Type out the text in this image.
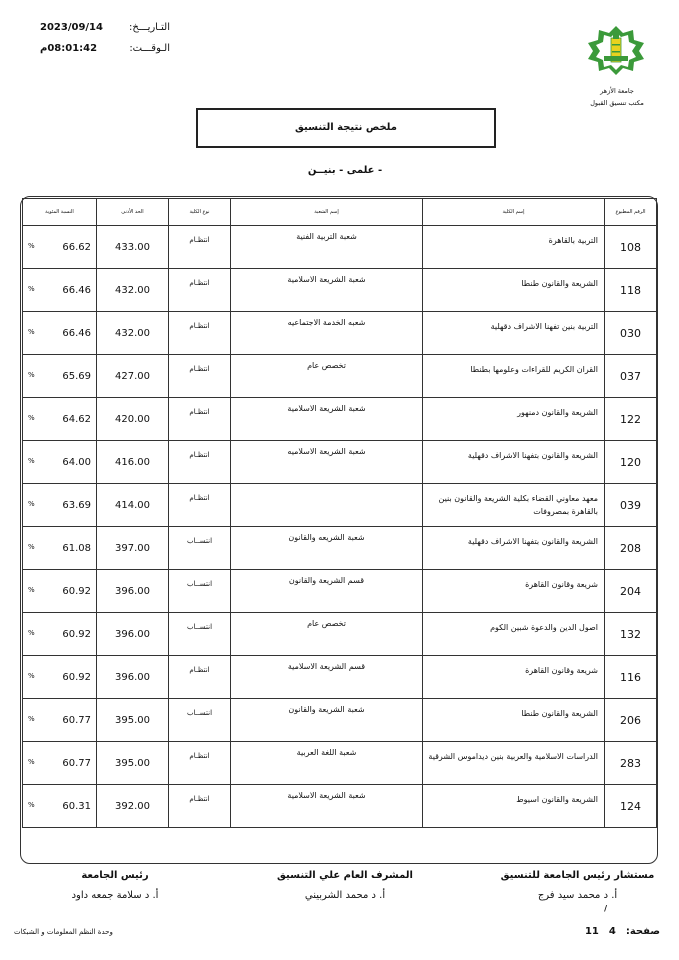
التـاريـــخ:
2023/09/14
الـوقـــت:
08:01:42م
جامعة الأزهر
مكتب تنسيق القبول
ملخص نتيجة التنسيق
- علمى - بنيــن
الرقم المطبوع	إسم الكلية	إسم الشعبة	نوع الكلية	الحد الأدنى	النسبة المئوية
108	التربية بالقاهرة	شعبة التربية الفنية	انتظـام	433.00	% 66.62

118	الشريعة والقانون طنطا	شعبة الشريعة الاسلامية	انتظـام	432.00	% 66.46

030	التربية بنين تفهنا الاشراف دقهلية	شعبه الخدمة الاجتماعيه	انتظـام	432.00	% 66.46

037	القران الكريم للقراءات وعلومها بطنطا	تخصص عام	انتظـام	427.00	% 65.69

122	الشريعة والقانون دمنهور	شعبة الشريعة الاسلامية	انتظـام	420.00	% 64.62

120	الشريعة والقانون بتفهنا الاشراف دقهلية	شعبة الشريعة الاسلاميه	انتظـام	416.00	% 64.00

039	معهد معاوني القضاء بكلية الشريعة والقانون بنين بالقاهرة بمصروفات		انتظـام	414.00	% 63.69

208	الشريعة والقانون بتفهنا الاشراف دقهلية	شعبة الشريعه والقانون	انتســاب	397.00	% 61.08

204	شريعة وقانون القاهرة	قسم الشريعة والقانون	انتســاب	396.00	% 60.92

132	اصول الدين والدعوة شبين الكوم	تخصص عام	انتســاب	396.00	% 60.92

116	شريعة وقانون القاهرة	قسم الشريعة الاسلامية	انتظـام	396.00	% 60.92

206	الشريعة والقانون طنطا	شعبة الشريعة والقانون	انتســاب	395.00	% 60.77

283	الدراسات الاسلامية والعربية بنين ديداموس الشرقية	شعبة اللغة العربية	انتظـام	395.00	% 60.77

124	الشريعة والقانون اسيوط	شعبة الشريعة الاسلامية	انتظـام	392.00	% 60.31
مستشار رئيس الجامعة للتنسيق
أ. د محمد سيد فرج
/
المشرف العام علي التنسيق
أ. د محمد الشربيني
رئيس الجامعة
أ. د سلامة جمعه داود
صفحة:
4
11
وحدة النظم المعلومات و الشبكات
